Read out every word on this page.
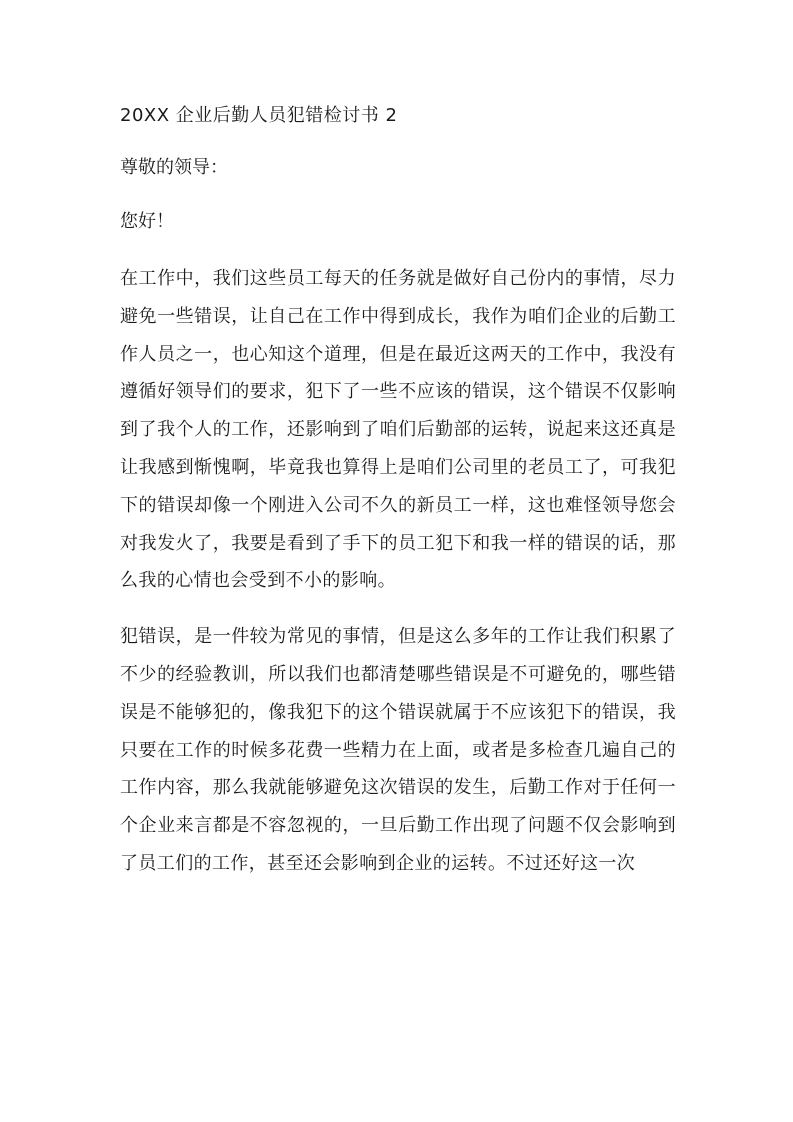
20XX 企业后勤人员犯错检讨书 2
尊敬的领导：
您好！
在工作中，我们这些员工每天的任务就是做好自己份内的事情，尽力避免一些错误，让自己在工作中得到成长，我作为咱们企业的后勤工作人员之一，也心知这个道理，但是在最近这两天的工作中，我没有遵循好领导们的要求，犯下了一些不应该的错误，这个错误不仅影响到了我个人的工作，还影响到了咱们后勤部的运转，说起来这还真是让我感到惭愧啊，毕竟我也算得上是咱们公司里的老员工了，可我犯下的错误却像一个刚进入公司不久的新员工一样，这也难怪领导您会对我发火了，我要是看到了手下的员工犯下和我一样的错误的话，那么我的心情也会受到不小的影响。
犯错误，是一件较为常见的事情，但是这么多年的工作让我们积累了不少的经验教训，所以我们也都清楚哪些错误是不可避免的，哪些错误是不能够犯的，像我犯下的这个错误就属于不应该犯下的错误，我只要在工作的时候多花费一些精力在上面，或者是多检查几遍自己的工作内容，那么我就能够避免这次错误的发生，后勤工作对于任何一个企业来言都是不容忽视的，一旦后勤工作出现了问题不仅会影响到了员工们的工作，甚至还会影响到企业的运转。不过还好这一次
